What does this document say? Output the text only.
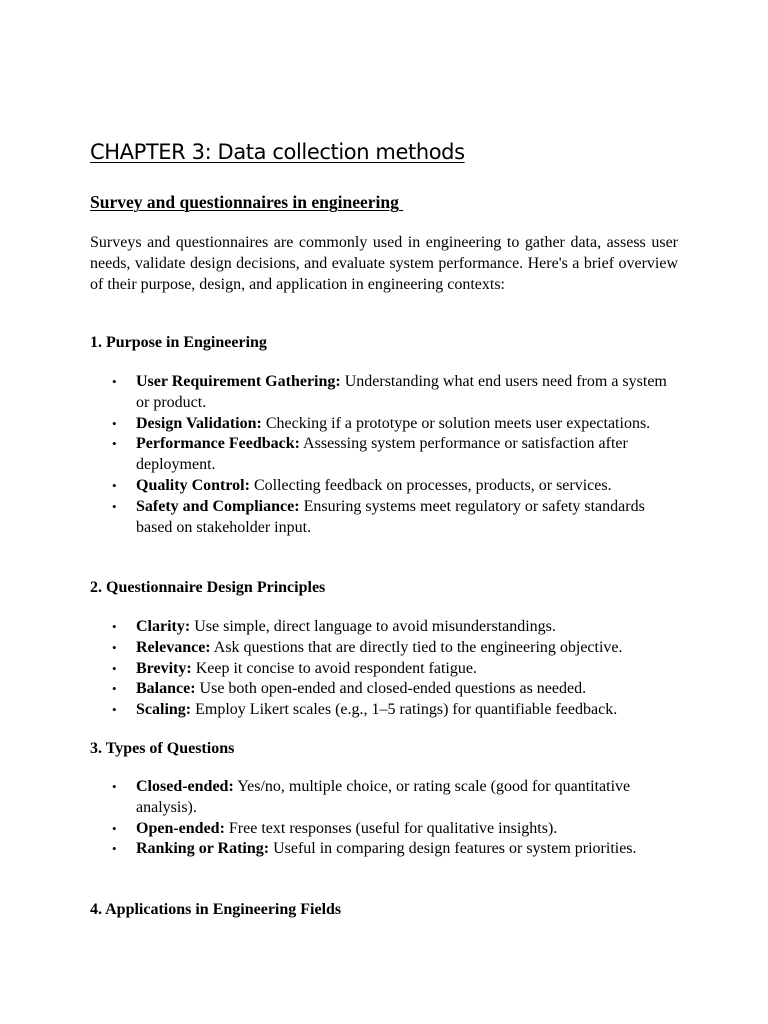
CHAPTER 3: Data collection methods
Survey and questionnaires in engineering

Surveys and questionnaires are commonly used in engineering to gather data, assess user needs, validate design decisions, and evaluate system performance. Here's a brief overview of their purpose, design, and application in engineering contexts:

1. Purpose in Engineering
• User Requirement Gathering: Understanding what end users need from a system or product.
• Design Validation: Checking if a prototype or solution meets user expectations.
• Performance Feedback: Assessing system performance or satisfaction after deployment.
• Quality Control: Collecting feedback on processes, products, or services.
• Safety and Compliance: Ensuring systems meet regulatory or safety standards based on stakeholder input.
2. Questionnaire Design Principles
• Clarity: Use simple, direct language to avoid misunderstandings.
• Relevance: Ask questions that are directly tied to the engineering objective.
• Brevity: Keep it concise to avoid respondent fatigue.
• Balance: Use both open-ended and closed-ended questions as needed.
• Scaling: Employ Likert scales (e.g., 1–5 ratings) for quantifiable feedback.
3. Types of Questions
• Closed-ended: Yes/no, multiple choice, or rating scale (good for quantitative analysis).
• Open-ended: Free text responses (useful for qualitative insights).
• Ranking or Rating: Useful in comparing design features or system priorities.
4. Applications in Engineering Fields
